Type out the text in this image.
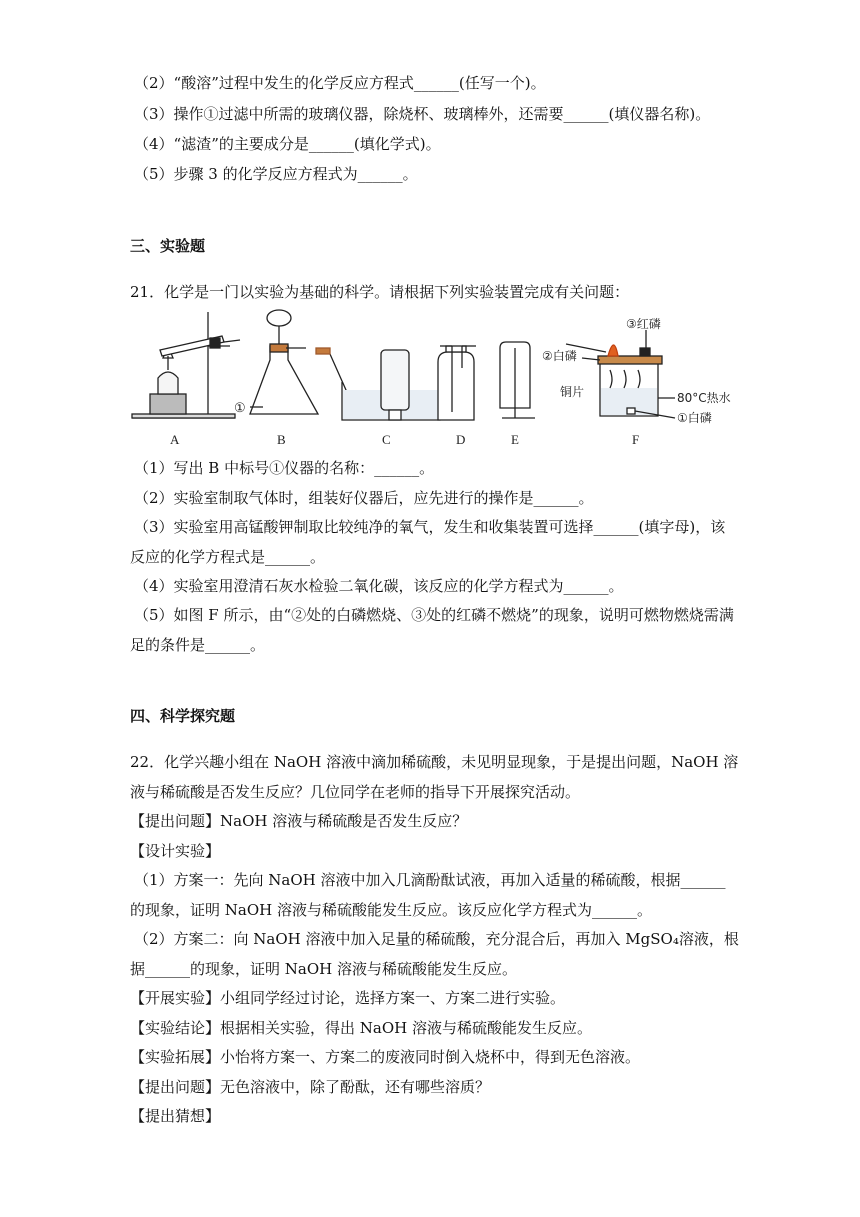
（2）“酸溶”过程中发生的化学反应方程式______(任写一个)。
（3）操作①过滤中所需的玻璃仪器，除烧杯、玻璃棒外，还需要______(填仪器名称)。
（4）“滤渣”的主要成分是______(填化学式)。
（5）步骤 3 的化学反应方程式为______。
三、实验题
21．化学是一门以实验为基础的科学。请根据下列实验装置完成有关问题：
A	B	C	D	E	F
①
③红磷
②白磷
铜片	80°C热水
①白磷
（1）写出 B 中标号①仪器的名称：______。
（2）实验室制取气体时，组装好仪器后，应先进行的操作是______。
（3）实验室用高锰酸钾制取比较纯净的氧气，发生和收集装置可选择______(填字母)，该
反应的化学方程式是______。
（4）实验室用澄清石灰水检验二氧化碳，该反应的化学方程式为______。
（5）如图 F 所示，由“②处的白磷燃烧、③处的红磷不燃烧”的现象，说明可燃物燃烧需满
足的条件是______。
四、科学探究题
22．化学兴趣小组在 NaOH 溶液中滴加稀硫酸，未见明显现象，于是提出问题，NaOH 溶
液与稀硫酸是否发生反应？几位同学在老师的指导下开展探究活动。
【提出问题】NaOH 溶液与稀硫酸是否发生反应？
【设计实验】
（1）方案一：先向 NaOH 溶液中加入几滴酚酞试液，再加入适量的稀硫酸，根据______
的现象，证明 NaOH 溶液与稀硫酸能发生反应。该反应化学方程式为______。
（2）方案二：向 NaOH 溶液中加入足量的稀硫酸，充分混合后，再加入 MgSO₄溶液，根
据______的现象，证明 NaOH 溶液与稀硫酸能发生反应。
【开展实验】小组同学经过讨论，选择方案一、方案二进行实验。
【实验结论】根据相关实验，得出 NaOH 溶液与稀硫酸能发生反应。
【实验拓展】小怡将方案一、方案二的废液同时倒入烧杯中，得到无色溶液。
【提出问题】无色溶液中，除了酚酞，还有哪些溶质？
【提出猜想】
